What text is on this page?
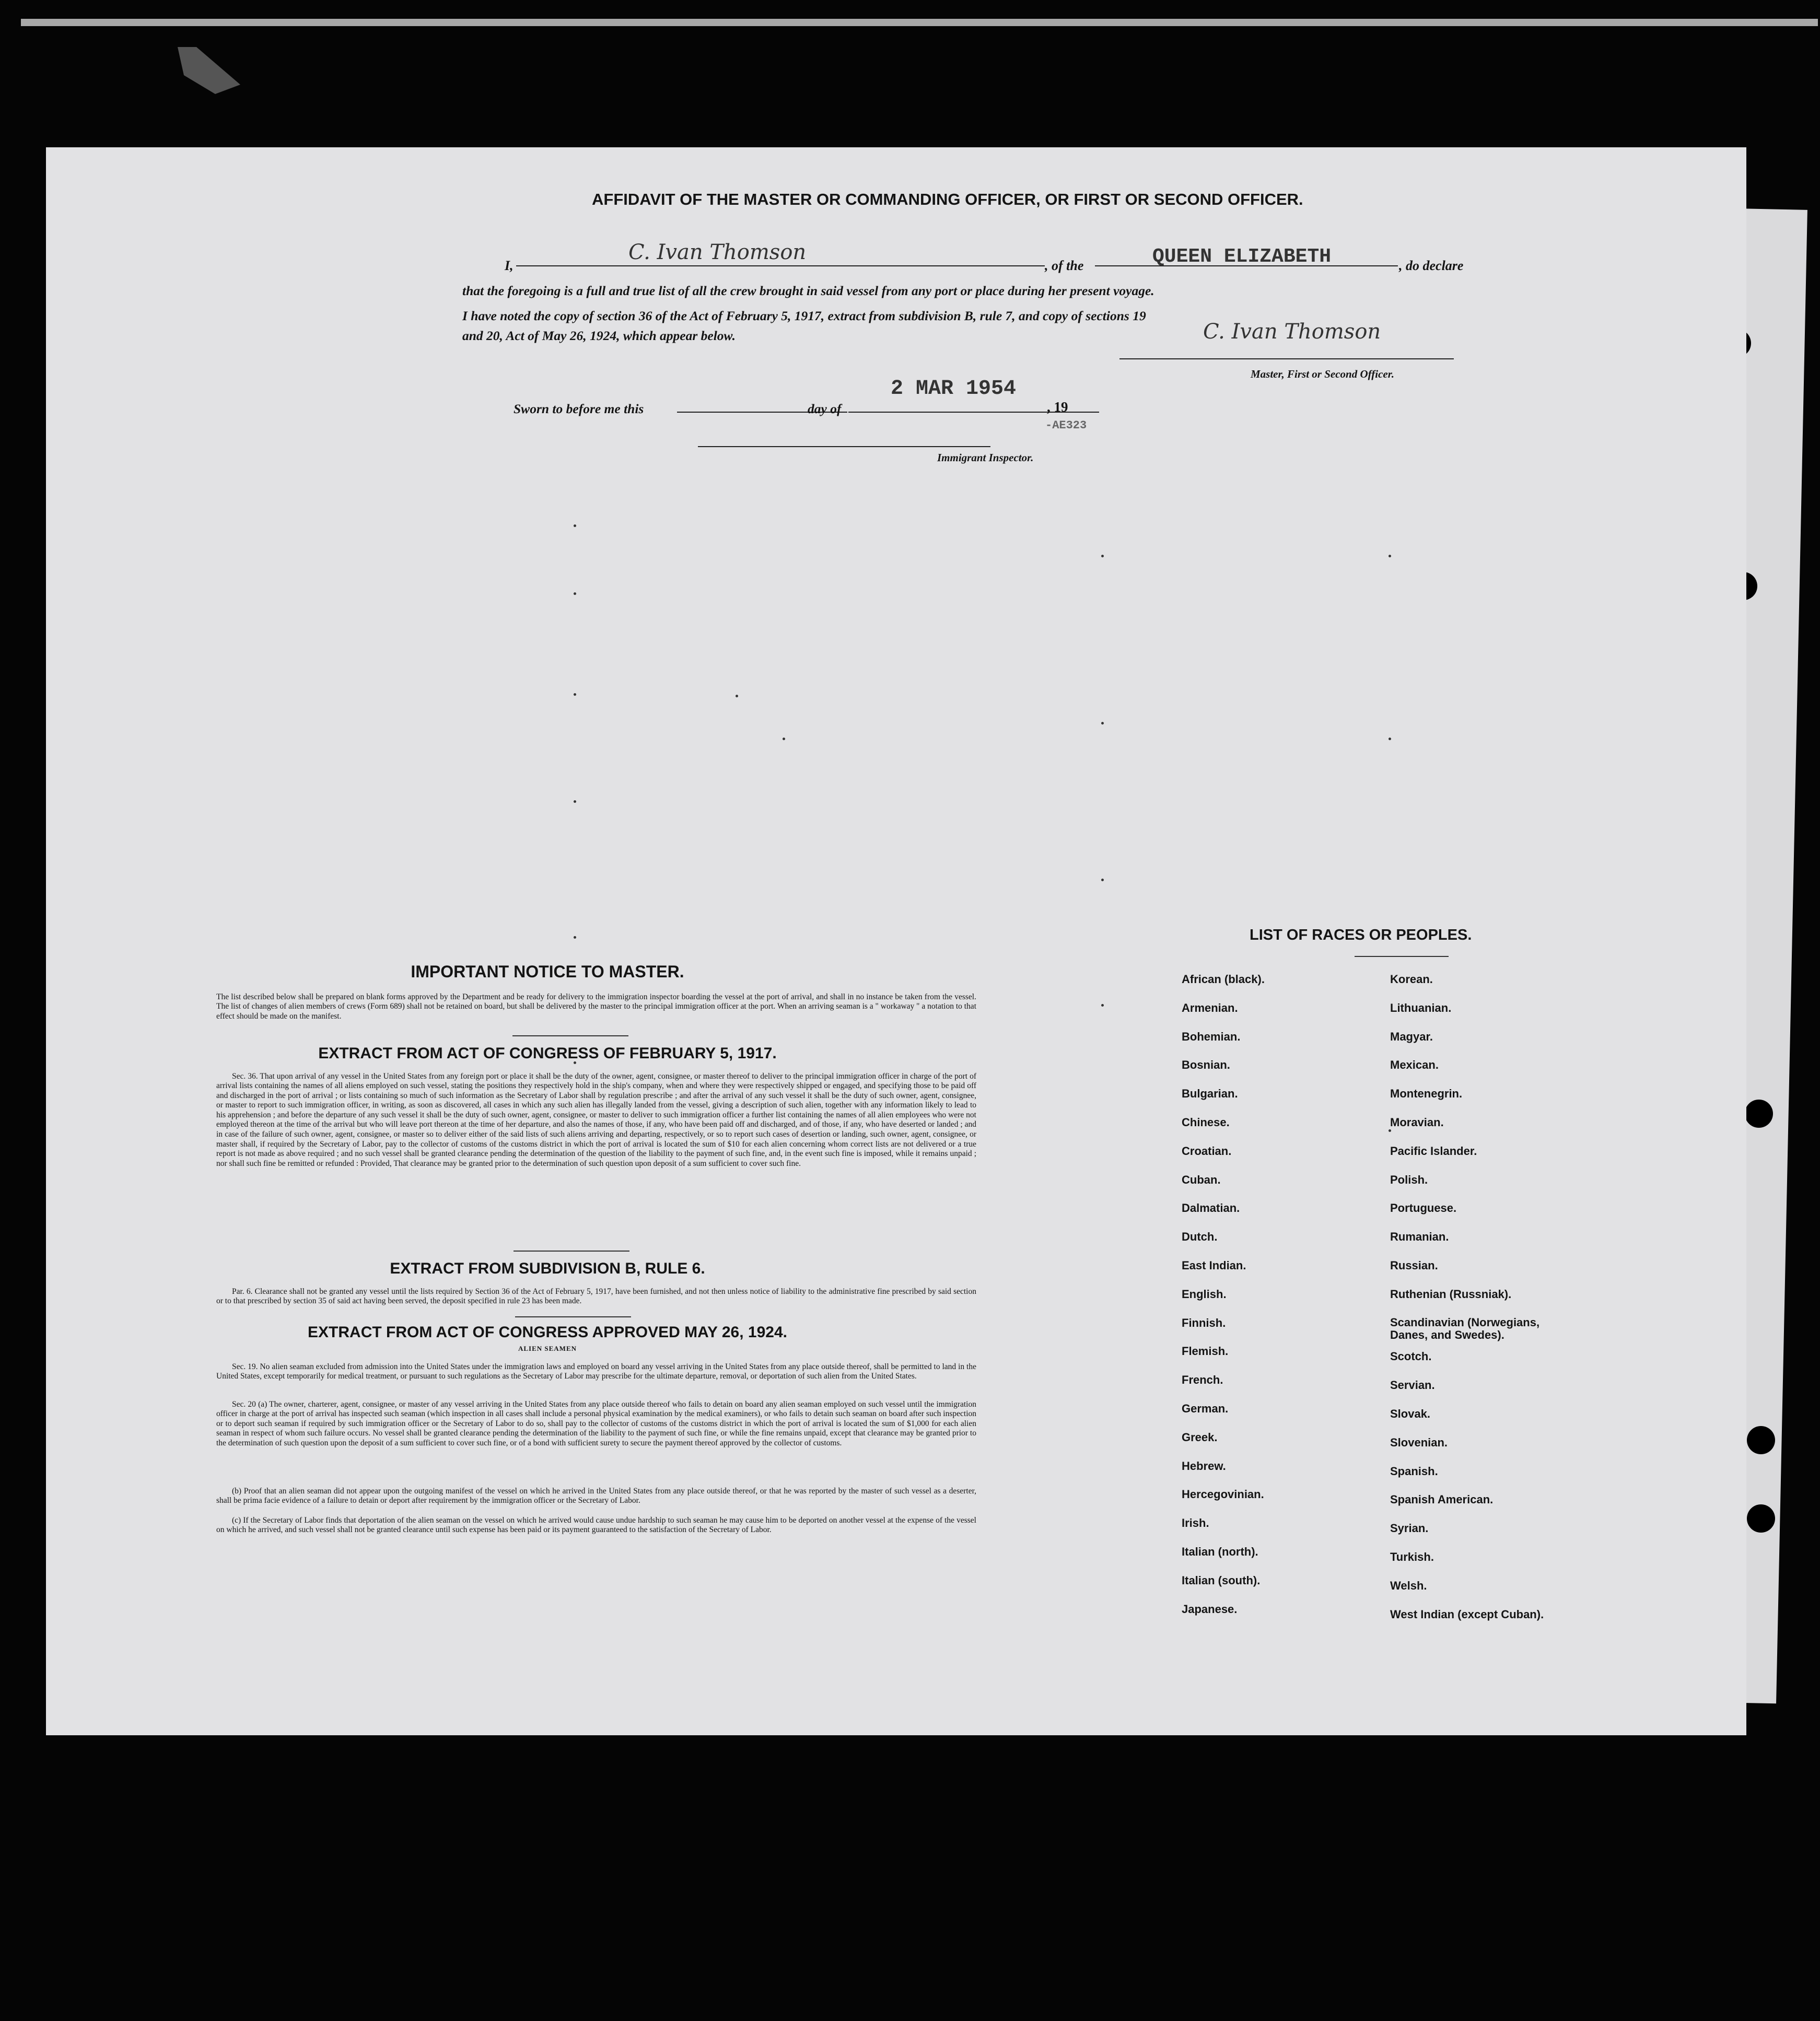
AFFIDAVIT OF THE MASTER OR COMMANDING OFFICER, OR FIRST OR SECOND OFFICER.
I,
C. Ivan Thomson
, of the	QUEEN ELIZABETH	, do declare
that the foregoing is a full and true list of all the crew brought in said vessel from any port or place during her present voyage.
I have noted the copy of section 36 of the Act of February 5, 1917, extract from subdivision B, rule 7, and copy of sections 19
and 20, Act of May 26, 1924, which appear below.	C. Ivan Thomson
Master, First or Second Officer.
Sworn to before me this	day of
2 MAR 1954
, 19
-AE323
Immigrant Inspector.
IMPORTANT NOTICE TO MASTER.

The list described below shall be prepared on blank forms approved by the Department and be ready for delivery to the immigration inspector boarding the vessel at the port of arrival, and shall in no instance be taken from the vessel. The list of changes of alien members of crews (Form 689) shall not be retained on board, but shall be delivered by the master to the principal immigration officer at the port. When an arriving seaman is a " workaway " a notation to that effect should be made on the manifest.

EXTRACT FROM ACT OF CONGRESS OF FEBRUARY 5, 1917.

Sec. 36. That upon arrival of any vessel in the United States from any foreign port or place it shall be the duty of the owner, agent, consignee, or master thereof to deliver to the principal immigration officer in charge of the port of arrival lists containing the names of all aliens employed on such vessel, stating the positions they respectively hold in the ship's company, when and where they were respectively shipped or engaged, and specifying those to be paid off and discharged in the port of arrival ; or lists containing so much of such information as the Secretary of Labor shall by regulation prescribe ; and after the arrival of any such vessel it shall be the duty of such owner, agent, consignee, or master to report to such immigration officer, in writing, as soon as discovered, all cases in which any such alien has illegally landed from the vessel, giving a description of such alien, together with any information likely to lead to his apprehension ; and before the departure of any such vessel it shall be the duty of such owner, agent, consignee, or master to deliver to such immigration officer a further list containing the names of all alien employees who were not employed thereon at the time of the arrival but who will leave port thereon at the time of her departure, and also the names of those, if any, who have been paid off and discharged, and of those, if any, who have deserted or landed ; and in case of the failure of such owner, agent, consignee, or master so to deliver either of the said lists of such aliens arriving and departing, respectively, or so to report such cases of desertion or landing, such owner, agent, consignee, or master shall, if required by the Secretary of Labor, pay to the collector of customs of the customs district in which the port of arrival is located the sum of $10 for each alien concerning whom correct lists are not delivered or a true report is not made as above required ; and no such vessel shall be granted clearance pending the determination of the question of the liability to the payment of such fine, and, in the event such fine is imposed, while it remains unpaid ; nor shall such fine be remitted or refunded : Provided, That clearance may be granted prior to the determination of such question upon deposit of a sum sufficient to cover such fine.

EXTRACT FROM SUBDIVISION B, RULE 6.

Par. 6. Clearance shall not be granted any vessel until the lists required by Section 36 of the Act of February 5, 1917, have been furnished, and not then unless notice of liability to the administrative fine prescribed by said section or to that prescribed by section 35 of said act having been served, the deposit specified in rule 23 has been made.

EXTRACT FROM ACT OF CONGRESS APPROVED MAY 26, 1924.
ALIEN SEAMEN

Sec. 19. No alien seaman excluded from admission into the United States under the immigration laws and employed on board any vessel arriving in the United States from any place outside thereof, shall be permitted to land in the United States, except temporarily for medical treatment, or pursuant to such regulations as the Secretary of Labor may prescribe for the ultimate departure, removal, or deportation of such alien from the United States.

Sec. 20 (a) The owner, charterer, agent, consignee, or master of any vessel arriving in the United States from any place outside thereof who fails to detain on board any alien seaman employed on such vessel until the immigration officer in charge at the port of arrival has inspected such seaman (which inspection in all cases shall include a personal physical examination by the medical examiners), or who fails to detain such seaman on board after such inspection or to deport such seaman if required by such immigration officer or the Secretary of Labor to do so, shall pay to the collector of customs of the customs district in which the port of arrival is located the sum of $1,000 for each alien seaman in respect of whom such failure occurs. No vessel shall be granted clearance pending the determination of the liability to the payment of such fine, or while the fine remains unpaid, except that clearance may be granted prior to the determination of such question upon the deposit of a sum sufficient to cover such fine, or of a bond with sufficient surety to secure the payment thereof approved by the collector of customs.

(b) Proof that an alien seaman did not appear upon the outgoing manifest of the vessel on which he arrived in the United States from any place outside thereof, or that he was reported by the master of such vessel as a deserter, shall be prima facie evidence of a failure to detain or deport after requirement by the immigration officer or the Secretary of Labor.

(c) If the Secretary of Labor finds that deportation of the alien seaman on the vessel on which he arrived would cause undue hardship to such seaman he may cause him to be deported on another vessel at the expense of the vessel on which he arrived, and such vessel shall not be granted clearance until such expense has been paid or its payment guaranteed to the satisfaction of the Secretary of Labor.

LIST OF RACES OR PEOPLES.
African (black).
Armenian.
Bohemian.
Bosnian.
Bulgarian.
Chinese.
Croatian.
Cuban.
Dalmatian.
Dutch.
East Indian.
English.
Finnish.
Flemish.
French.
German.
Greek.
Hebrew.
Hercegovinian.
Irish.
Italian (north).
Italian (south).
Japanese.
Korean.
Lithuanian.
Magyar.
Mexican.
Montenegrin.
Moravian.
Pacific Islander.
Polish.
Portuguese.
Rumanian.
Russian.
Ruthenian (Russniak).
Scandinavian (Norwegians, Danes, and Swedes).
Scotch.
Servian.
Slovak.
Slovenian.
Spanish.
Spanish American.
Syrian.
Turkish.
Welsh.
West Indian (except Cuban).
